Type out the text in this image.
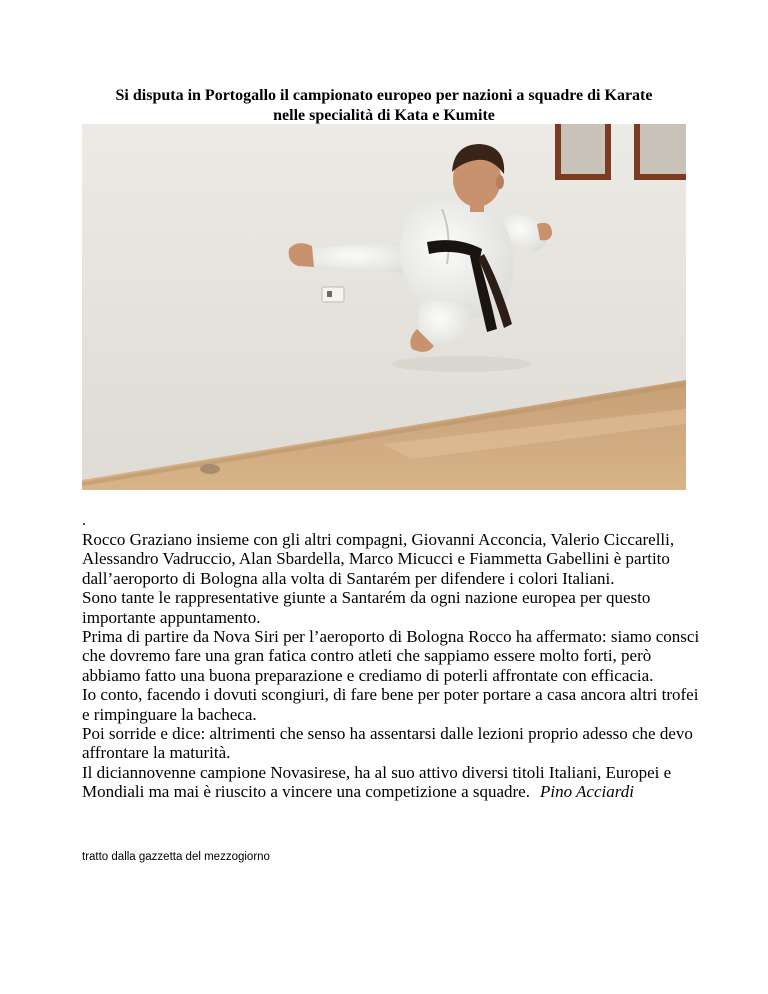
Si disputa in Portogallo il campionato europeo per nazioni a squadre di Karate
nelle specialità di Kata e Kumite
.

Rocco Graziano insieme con gli altri compagni, Giovanni Acconcia, Valerio Ciccarelli, Alessandro Vadruccio, Alan Sbardella, Marco Micucci e Fiammetta Gabellini è partito dall’aeroporto di Bologna alla volta di Santarém per difendere i colori Italiani.

Sono tante le rappresentative giunte a Santarém da ogni nazione europea per questo importante appuntamento.

Prima di partire da Nova Siri per l’aeroporto di Bologna Rocco ha affermato: siamo consci che dovremo fare una gran fatica contro atleti che sappiamo essere molto forti, però abbiamo fatto una buona preparazione e crediamo di poterli affrontate con efficacia.

Io conto, facendo i dovuti scongiuri, di fare bene per poter portare a casa ancora altri trofei e rimpinguare la bacheca.

Poi sorride e dice: altrimenti che senso ha assentarsi dalle lezioni proprio adesso che devo affrontare la maturità.

Il diciannovenne campione Novasirese, ha al suo attivo diversi titoli Italiani, Europei e Mondiali ma mai è riuscito a vincere una competizione a squadre. Pino Acciardi

tratto dalla gazzetta del mezzogiorno
